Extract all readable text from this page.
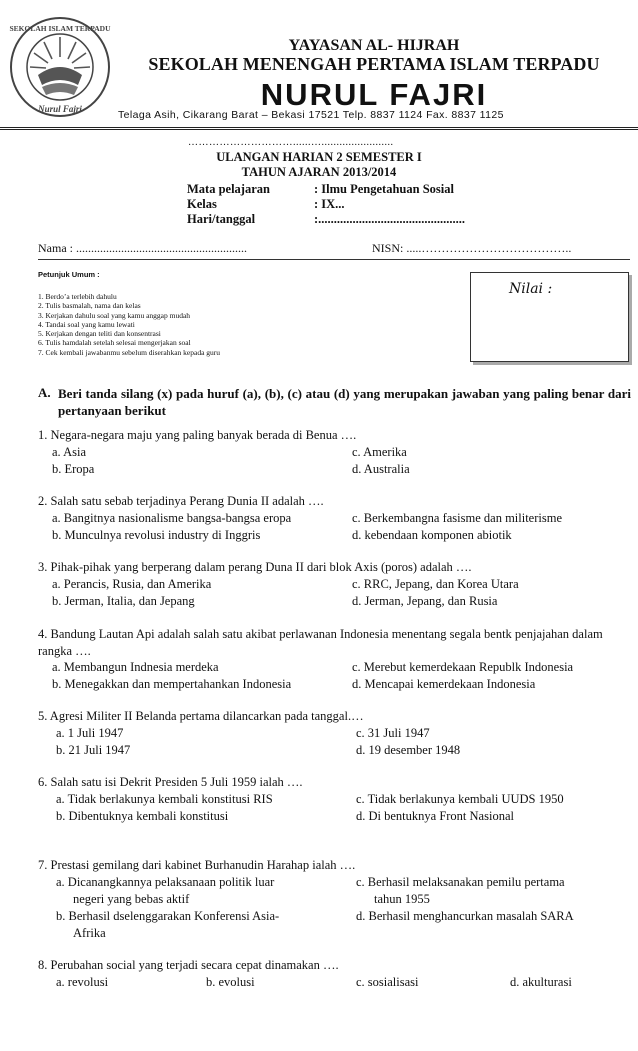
SEKOLAH ISLAM TERPADU
Nurul Fajri
YAYASAN AL- HIJRAH
SEKOLAH MENENGAH PERTAMA ISLAM TERPADU
NURUL FAJRI
Telaga Asih, Cikarang Barat – Bekasi 17521 Telp. 8837 1124 Fax. 8837 1125
…………………………......…........................
ULANGAN HARIAN 2 SEMESTER I
TAHUN AJARAN 2013/2014
Mata pelajaran	: Ilmu Pengetahuan Sosial
Kelas	: IX...
Hari/tanggal	:...............................................
Nama : .........................................................	NISN: .....………………………………..
Petunjuk Umum :
1. Berdo’a terlebih dahulu
2. Tulis basmalah, nama dan kelas
3. Kerjakan dahulu soal yang kamu anggap mudah
4. Tandai soal yang kamu lewati
5. Kerjakan dengan teliti dan konsentrasi
6. Tulis hamdalah setelah selesai mengerjakan soal
7. Cek kembali jawabanmu sebelum diserahkan kepada guru
Nilai :
A. Beri tanda silang (x) pada huruf (a), (b), (c) atau (d) yang merupakan jawaban yang paling benar dari pertanyaan berikut
1. Negara-negara maju yang paling banyak berada di Benua ….
a. Asia
b. Eropa
c. Amerika
d. Australia
2. Salah satu sebab terjadinya Perang Dunia II adalah ….
a. Bangitnya nasionalisme bangsa-bangsa eropa
b. Munculnya revolusi industry di Inggris
c. Berkembangna fasisme dan militerisme
d. kebendaan komponen abiotik
3. Pihak-pihak yang berperang dalam perang Duna II dari blok Axis (poros) adalah ….
a. Perancis, Rusia, dan Amerika
b. Jerman, Italia, dan Jepang
c. RRC, Jepang, dan Korea Utara
d. Jerman, Jepang, dan Rusia
4. Bandung Lautan Api adalah salah satu akibat perlawanan Indonesia menentang segala bentk penjajahan dalam rangka ….
a. Membangun Indnesia merdeka
b. Menegakkan dan mempertahankan Indonesia
c. Merebut kemerdekaan Republk Indonesia
d. Mencapai kemerdekaan Indonesia
5. Agresi Militer II Belanda pertama dilancarkan pada tanggal.…
a. 1 Juli 1947
b. 21 Juli 1947
c. 31 Juli 1947
d. 19 desember 1948
6. Salah satu isi Dekrit Presiden 5 Juli 1959 ialah ….
a. Tidak berlakunya kembali konstitusi RIS
b. Dibentuknya kembali konstitusi
c. Tidak berlakunya kembali UUDS 1950
d. Di bentuknya Front Nasional
7. Prestasi gemilang dari kabinet Burhanudin Harahap ialah ….
a. Dicanangkannya pelaksanaan politik luar
negeri yang bebas aktif
b. Berhasil dselenggarakan Konferensi Asia-
Afrika
c. Berhasil melaksanakan pemilu pertama
tahun 1955
d. Berhasil menghancurkan masalah SARA
8. Perubahan social yang terjadi secara cepat dinamakan ….
a. revolusi	b. evolusi	c. sosialisasi	d. akulturasi
